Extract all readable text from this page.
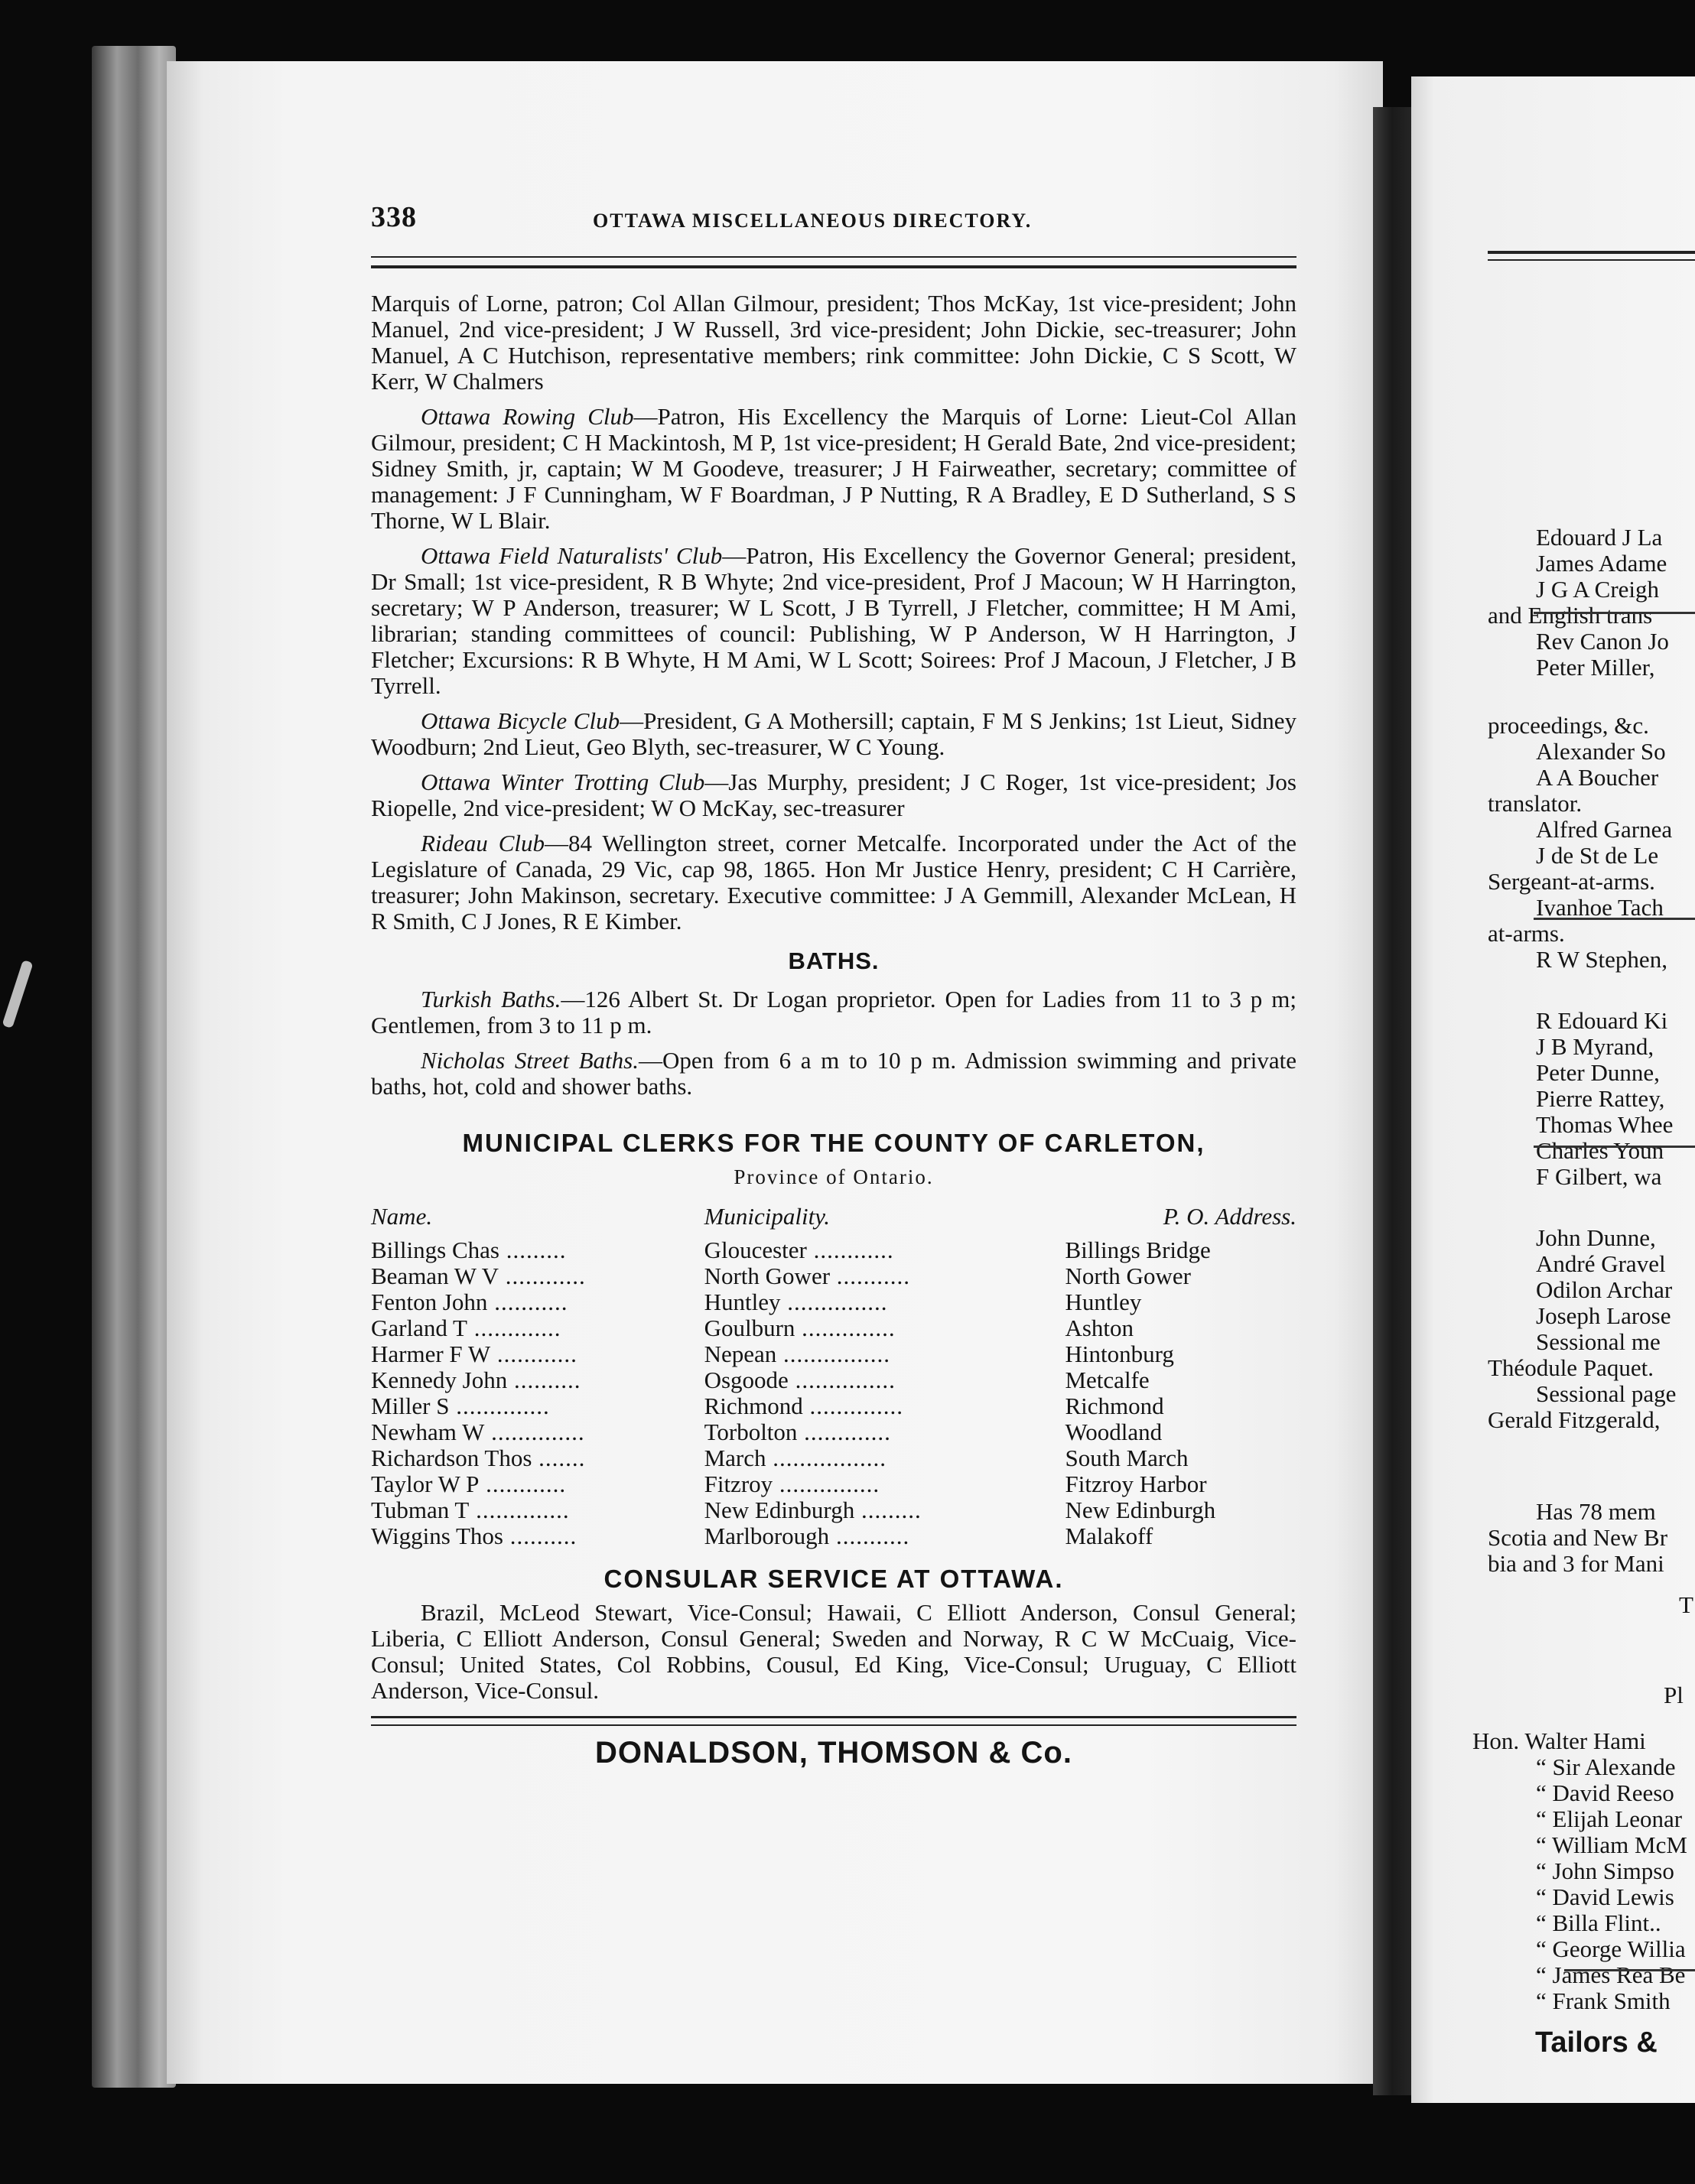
338	OTTAWA MISCELLANEOUS DIRECTORY.

Marquis of Lorne, patron; Col Allan Gilmour, president; Thos McKay, 1st vice-president; John Manuel, 2nd vice-president; J W Russell, 3rd vice-president; John Dickie, sec-treasurer; John Manuel, A C Hutchison, representative members; rink committee: John Dickie, C S Scott, W Kerr, W Chalmers

Ottawa Rowing Club—Patron, His Excellency the Marquis of Lorne: Lieut-Col Allan Gilmour, president; C H Mackintosh, M P, 1st vice-president; H Gerald Bate, 2nd vice-president; Sidney Smith, jr, captain; W M Goodeve, treasurer; J H Fairweather, secretary; committee of management: J F Cunningham, W F Boardman, J P Nutting, R A Bradley, E D Sutherland, S S Thorne, W L Blair.

Ottawa Field Naturalists' Club—Patron, His Excellency the Governor General; president, Dr Small; 1st vice-president, R B Whyte; 2nd vice-president, Prof J Macoun; W H Harrington, secretary; W P Anderson, treasurer; W L Scott, J B Tyrrell, J Fletcher, committee; H M Ami, librarian; standing committees of council: Publishing, W P Anderson, W H Harrington, J Fletcher; Excursions: R B Whyte, H M Ami, W L Scott; Soirees: Prof J Macoun, J Fletcher, J B Tyrrell.

Ottawa Bicycle Club—President, G A Mothersill; captain, F M S Jenkins; 1st Lieut, Sidney Woodburn; 2nd Lieut, Geo Blyth, sec-treasurer, W C Young.

Ottawa Winter Trotting Club—Jas Murphy, president; J C Roger, 1st vice-president; Jos Riopelle, 2nd vice-president; W O McKay, sec-treasurer

Rideau Club—84 Wellington street, corner Metcalfe. Incorporated under the Act of the Legislature of Canada, 29 Vic, cap 98, 1865. Hon Mr Justice Henry, president; C H Carrière, treasurer; John Makinson, secretary. Executive committee: J A Gemmill, Alexander McLean, H R Smith, C J Jones, R E Kimber.

BATHS.

Turkish Baths.—126 Albert St. Dr Logan proprietor. Open for Ladies from 11 to 3 p m; Gentlemen, from 3 to 11 p m.

Nicholas Street Baths.—Open from 6 a m to 10 p m. Admission swimming and private baths, hot, cold and shower baths.

MUNICIPAL CLERKS FOR THE COUNTY OF CARLETON,
Province of Ontario.
Name.	Municipality.	P. O. Address.
Billings Chas .........	Gloucester ............	Billings Bridge
Beaman W V ............	North Gower ...........	North Gower
Fenton John ...........	Huntley ...............	Huntley
Garland T .............	Goulburn ..............	Ashton
Harmer F W ............	Nepean ................	Hintonburg
Kennedy John ..........	Osgoode ...............	Metcalfe
Miller S ..............	Richmond ..............	Richmond
Newham W ..............	Torbolton .............	Woodland
Richardson Thos .......	March .................	South March
Taylor W P ............	Fitzroy ...............	Fitzroy Harbor
Tubman T ..............	New Edinburgh .........	New Edinburgh
Wiggins Thos ..........	Marlborough ...........	Malakoff
CONSULAR SERVICE AT OTTAWA.

Brazil, McLeod Stewart, Vice-Consul; Hawaii, C Elliott Anderson, Consul General; Liberia, C Elliott Anderson, Consul General; Sweden and Norway, R C W McCuaig, Vice-Consul; United States, Col Robbins, Cousul, Ed King, Vice-Consul; Uruguay, C Elliott Anderson, Vice-Consul.

DONALDSON, THOMSON & Co.
Edouard J La
James Adame
J G A Creigh
and English trans
Rev Canon Jo
Peter Miller,
proceedings, &c.
Alexander So
A A Boucher
translator.
Alfred Garnea
J de St de Le
Sergeant-at-arms.
Ivanhoe Tach
at-arms.
R W Stephen,
R Edouard Ki
J B Myrand,
Peter Dunne,
Pierre Rattey,
Thomas Whee
Charles Youn
F Gilbert, wa
John Dunne,
André Gravel
Odilon Archar
Joseph Larose
Sessional me
Théodule Paquet.
Sessional page
Gerald Fitzgerald,
Has 78 mem
Scotia and New Br
bia and 3 for Mani
T
Pl
Hon. Walter Hami
“ Sir Alexande
“ David Reeso
“ Elijah Leonar
“ William McM
“ John Simpso
“ David Lewis
“ Billa Flint..
“ George Willia
“ James Rea Be
“ Frank Smith
Tailors &
